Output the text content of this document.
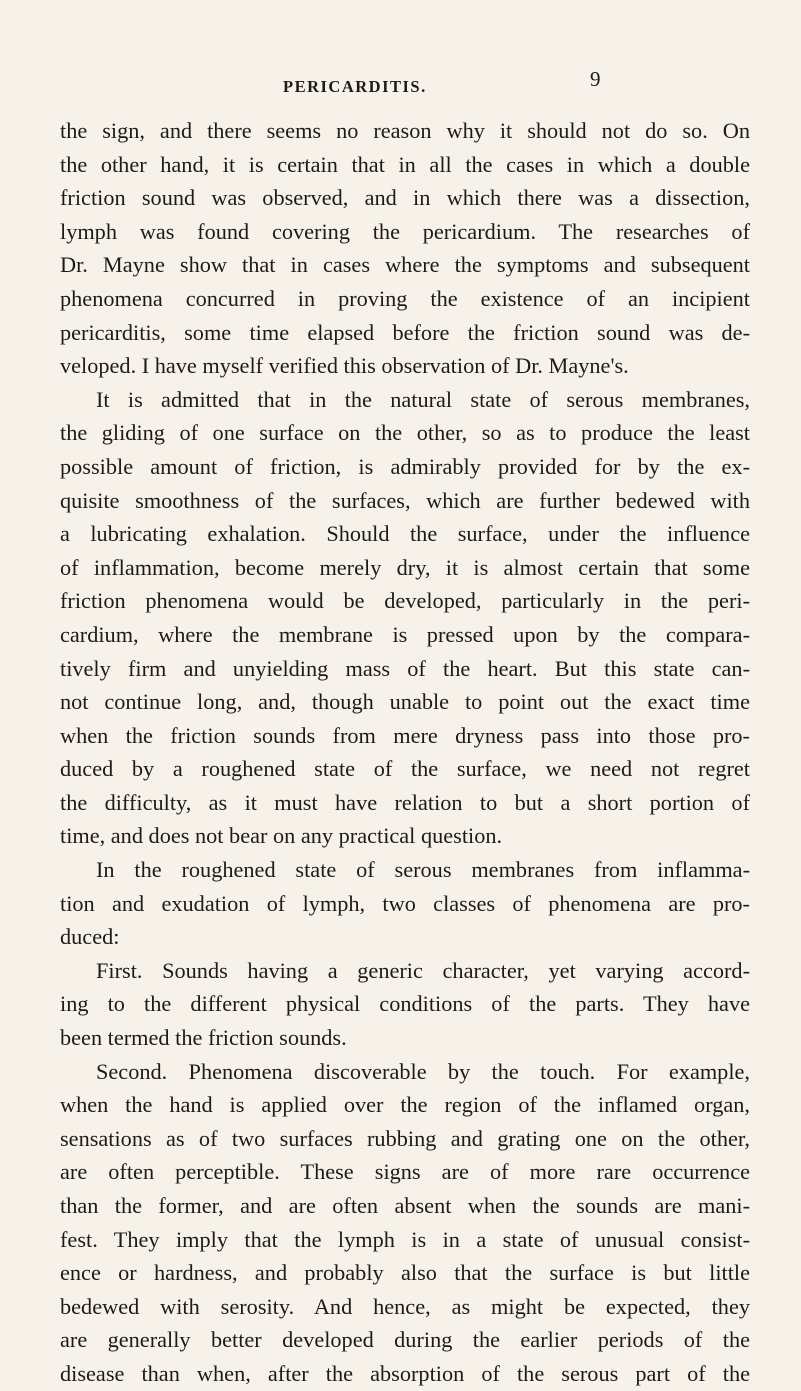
PERICARDITIS.	9
the sign, and there seems no reason why it should not do so. On
the other hand, it is certain that in all the cases in which a double
friction sound was observed, and in which there was a dissection,
lymph was found covering the pericardium. The researches of
Dr. Mayne show that in cases where the symptoms and subsequent
phenomena concurred in proving the existence of an incipient
pericarditis, some time elapsed before the friction sound was de-
veloped. I have myself verified this observation of Dr. Mayne's.
It is admitted that in the natural state of serous membranes,
the gliding of one surface on the other, so as to produce the least
possible amount of friction, is admirably provided for by the ex-
quisite smoothness of the surfaces, which are further bedewed with
a lubricating exhalation. Should the surface, under the influence
of inflammation, become merely dry, it is almost certain that some
friction phenomena would be developed, particularly in the peri-
cardium, where the membrane is pressed upon by the compara-
tively firm and unyielding mass of the heart. But this state can-
not continue long, and, though unable to point out the exact time
when the friction sounds from mere dryness pass into those pro-
duced by a roughened state of the surface, we need not regret
the difficulty, as it must have relation to but a short portion of
time, and does not bear on any practical question.
In the roughened state of serous membranes from inflamma-
tion and exudation of lymph, two classes of phenomena are pro-
duced:
First. Sounds having a generic character, yet varying accord-
ing to the different physical conditions of the parts. They have
been termed the friction sounds.
Second. Phenomena discoverable by the touch. For example,
when the hand is applied over the region of the inflamed organ,
sensations as of two surfaces rubbing and grating one on the other,
are often perceptible. These signs are of more rare occurrence
than the former, and are often absent when the sounds are mani-
fest. They imply that the lymph is in a state of unusual consist-
ence or hardness, and probably also that the surface is but little
bedewed with serosity. And hence, as might be expected, they
are generally better developed during the earlier periods of the
disease than when, after the absorption of the serous part of the
